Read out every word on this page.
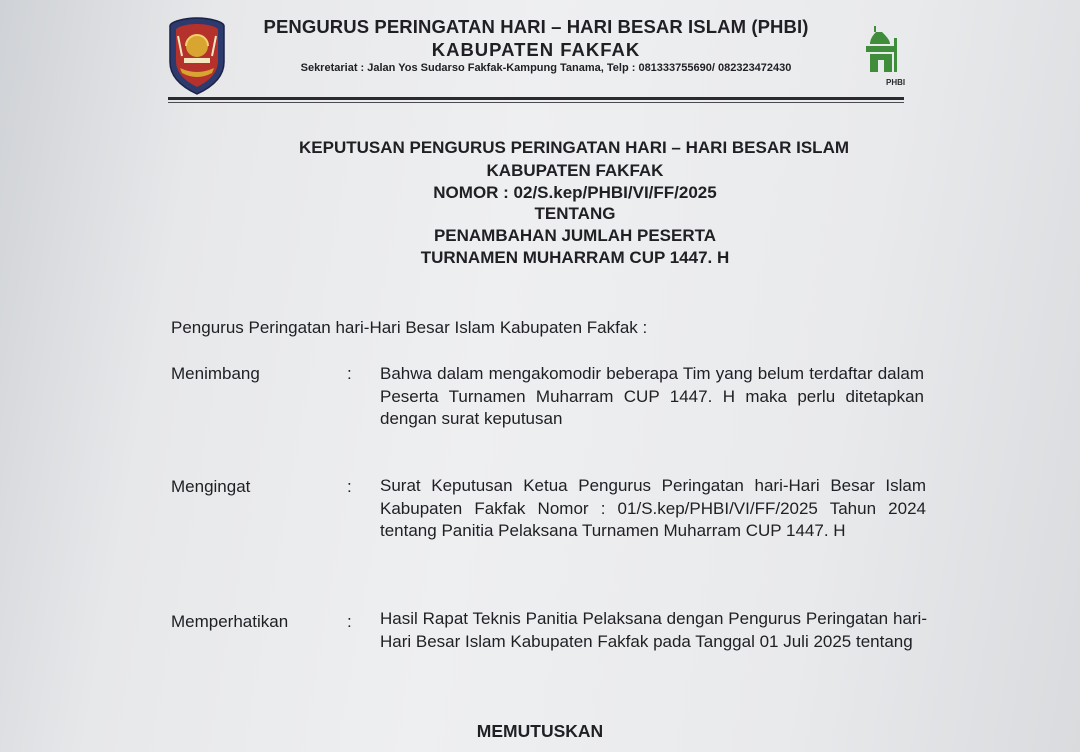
PENGURUS PERINGATAN HARI – HARI BESAR ISLAM (PHBI)
KABUPATEN FAKFAK
Sekretariat : Jalan Yos Sudarso Fakfak-Kampung Tanama, Telp : 081333755690/ 082323472430
PHBI
KEPUTUSAN PENGURUS PERINGATAN HARI – HARI BESAR ISLAM
KABUPATEN FAKFAK
NOMOR : 02/S.kep/PHBI/VI/FF/2025
TENTANG
PENAMBAHAN JUMLAH PESERTA
TURNAMEN MUHARRAM CUP 1447. H
Pengurus Peringatan hari-Hari Besar Islam Kabupaten Fakfak :
Menimbang	: Bahwa dalam mengakomodir beberapa Tim yang belum terdaftar dalam Peserta Turnamen Muharram CUP 1447. H maka perlu ditetapkan dengan surat keputusan
Mengingat	: Surat Keputusan Ketua Pengurus Peringatan hari-Hari Besar Islam Kabupaten Fakfak Nomor : 01/S.kep/PHBI/VI/FF/2025 Tahun 2024 tentang Panitia Pelaksana Turnamen Muharram CUP 1447. H
Memperhatikan	: Hasil Rapat Teknis Panitia Pelaksana dengan Pengurus Peringatan hari-Hari Besar Islam Kabupaten Fakfak pada Tanggal 01 Juli 2025 tentang
MEMUTUSKAN
